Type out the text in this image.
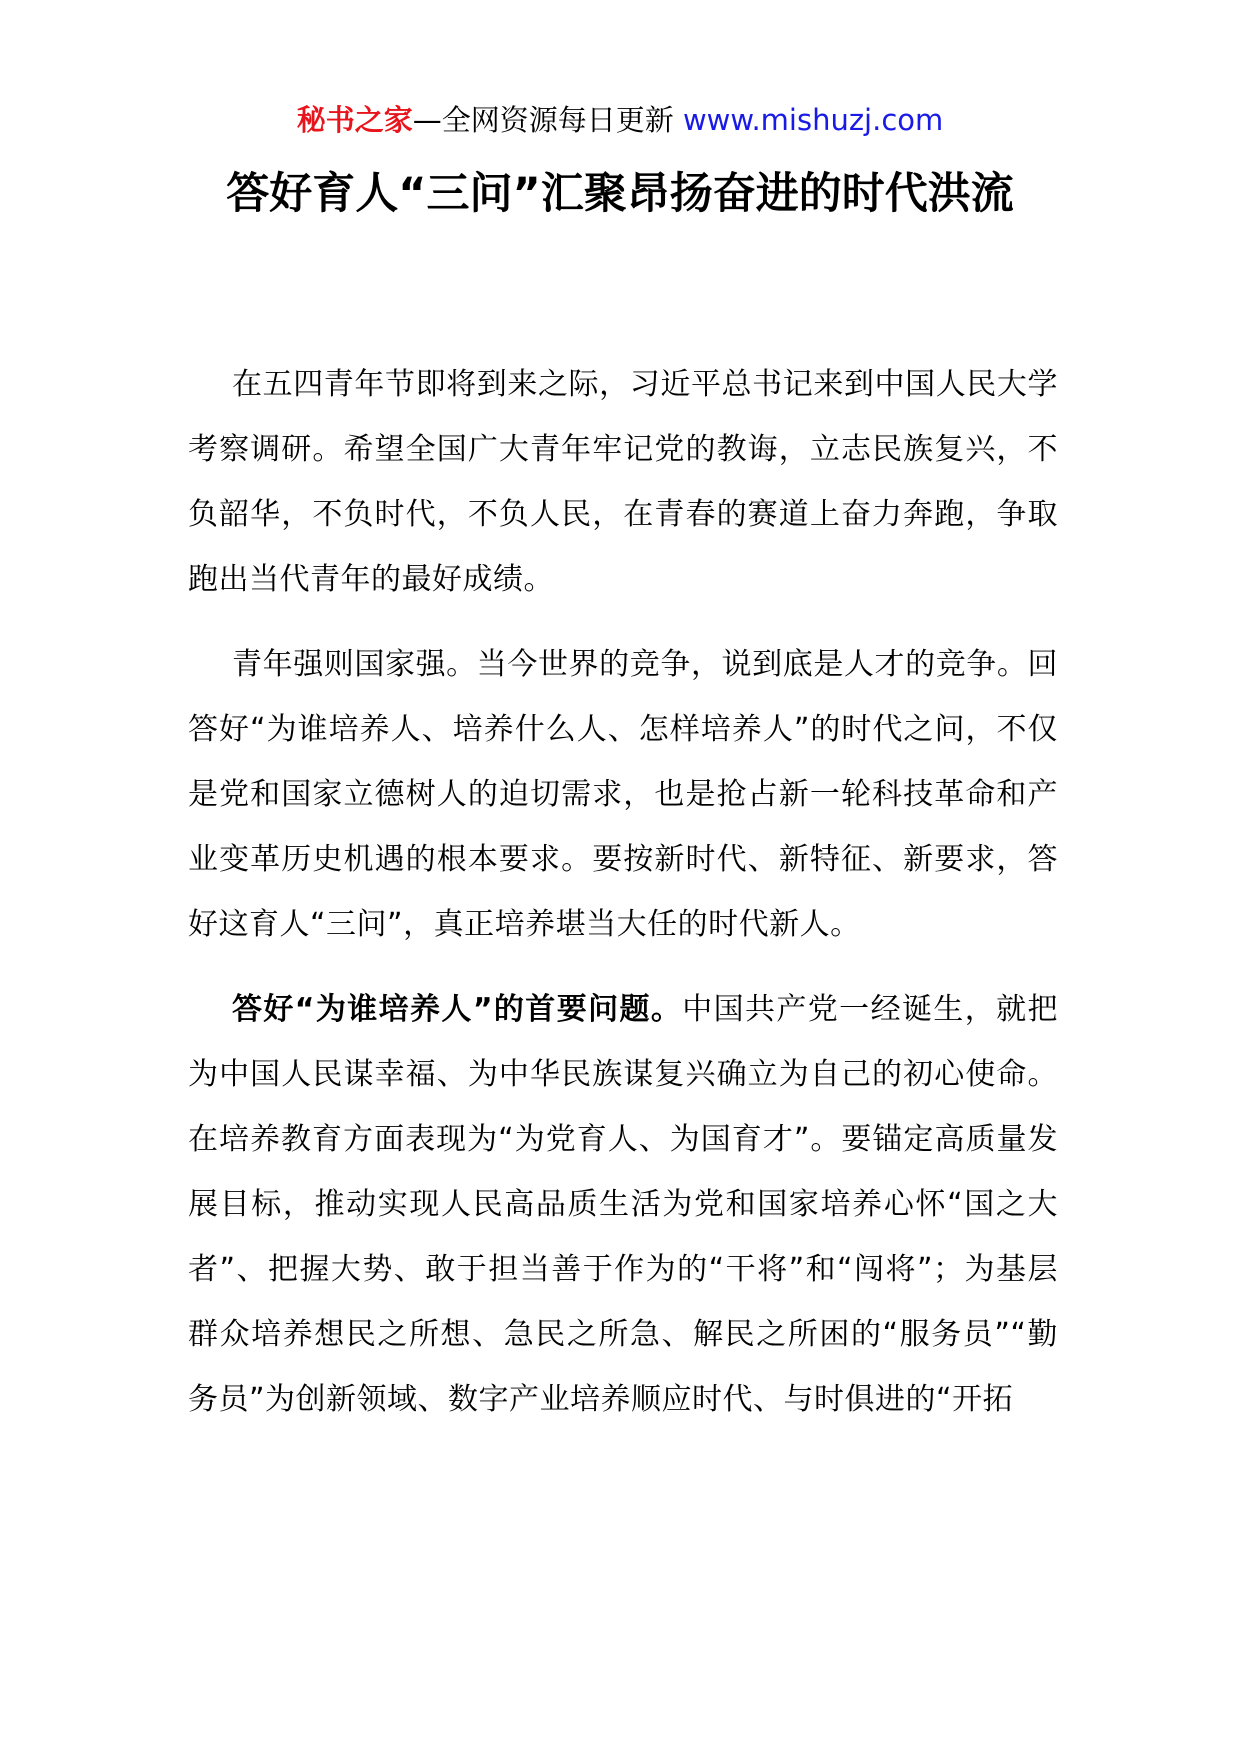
秘书之家—全网资源每日更新 www.mishuzj.com
答好育人“三问”汇聚昂扬奋进的时代洪流

在五四青年节即将到来之际，习近平总书记来到中国人民大学考察调研。希望全国广大青年牢记党的教诲，立志民族复兴，不负韶华，不负时代，不负人民，在青春的赛道上奋力奔跑，争取跑出当代青年的最好成绩。

青年强则国家强。当今世界的竞争，说到底是人才的竞争。回答好“为谁培养人、培养什么人、怎样培养人”的时代之问，不仅是党和国家立德树人的迫切需求，也是抢占新一轮科技革命和产业变革历史机遇的根本要求。要按新时代、新特征、新要求，答好这育人“三问”，真正培养堪当大任的时代新人。

答好“为谁培养人”的首要问题。中国共产党一经诞生，就把为中国人民谋幸福、为中华民族谋复兴确立为自己的初心使命。在培养教育方面表现为“为党育人、为国育才”。要锚定高质量发展目标，推动实现人民高品质生活为党和国家培养心怀“国之大者”、把握大势、敢于担当善于作为的“干将”和“闯将”；为基层群众培养想民之所想、急民之所急、解民之所困的“服务员”“勤务员”为创新领域、数字产业培养顺应时代、与时俱进的“开拓
